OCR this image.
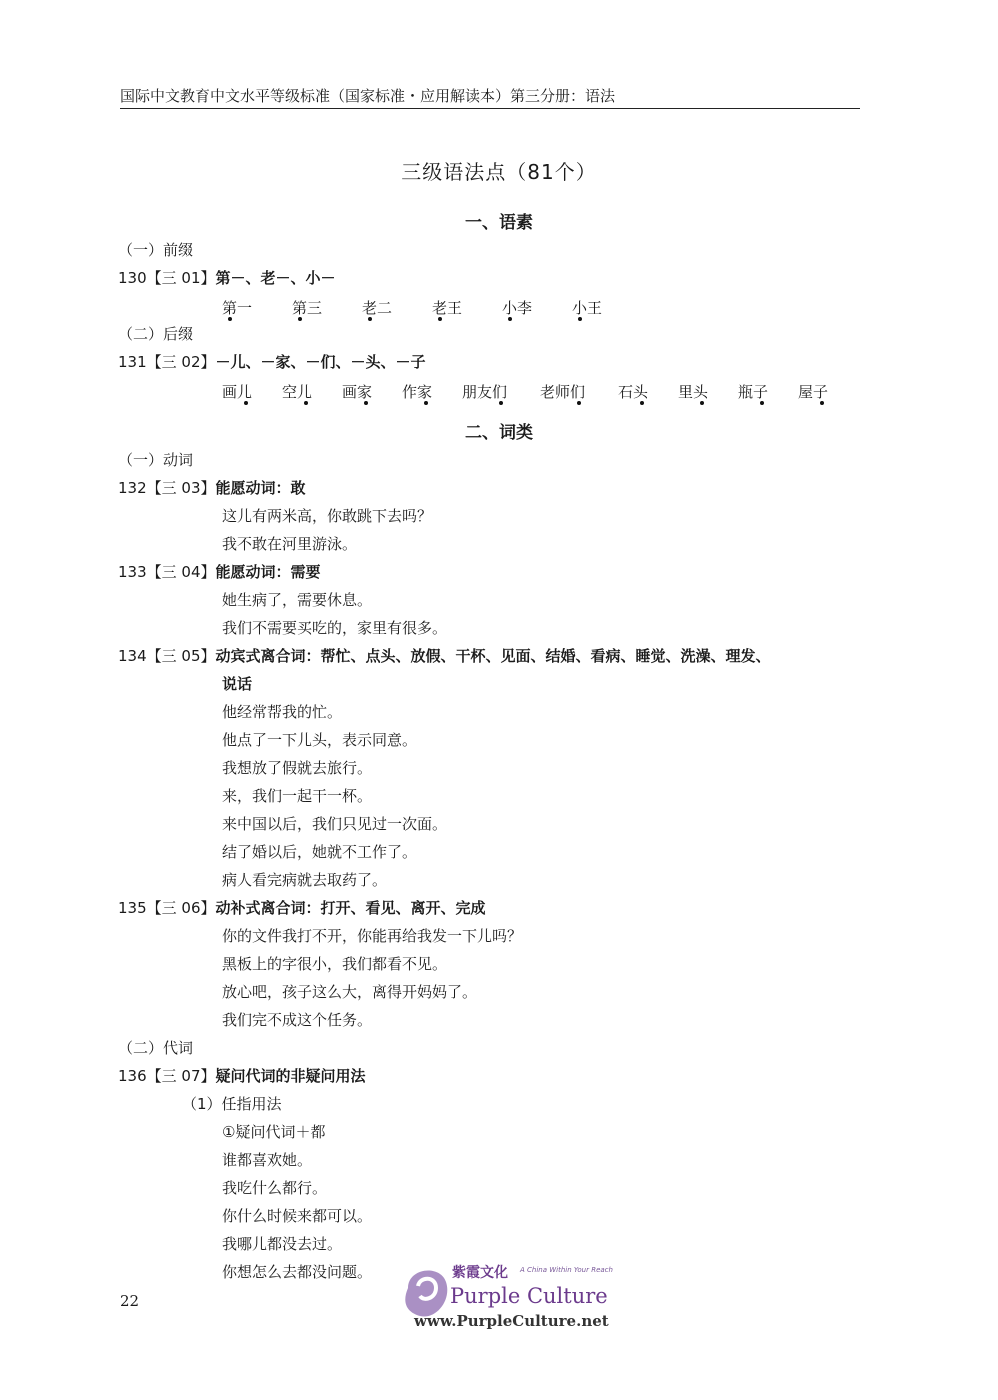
国际中文教育中文水平等级标准（国家标准・应用解读本）第三分册：语法
三级语法点（81个）
一、语素
（一）前缀
130【三 01】第－、老－、小－
第一	第三	老二	老王	小李	小王
（二）后缀
131【三 02】－儿、－家、－们、－头、－子
画儿 空儿 画家 作家 朋友们 老师们 石头 里头 瓶子 屋子
二、词类
（一）动词
132【三 03】能愿动词：敢
这儿有两米高，你敢跳下去吗？
我不敢在河里游泳。
133【三 04】能愿动词：需要
她生病了，需要休息。
我们不需要买吃的，家里有很多。
134【三 05】动宾式离合词：帮忙、点头、放假、干杯、见面、结婚、看病、睡觉、洗澡、理发、
说话
他经常帮我的忙。
他点了一下儿头，表示同意。
我想放了假就去旅行。
来，我们一起干一杯。
来中国以后，我们只见过一次面。
结了婚以后，她就不工作了。
病人看完病就去取药了。
135【三 06】动补式离合词：打开、看见、离开、完成
你的文件我打不开，你能再给我发一下儿吗？
黑板上的字很小，我们都看不见。
放心吧，孩子这么大，离得开妈妈了。
我们完不成这个任务。
（二）代词
136【三 07】疑问代词的非疑问用法
（1）任指用法
①疑问代词＋都
谁都喜欢她。
我吃什么都行。
你什么时候来都可以。
我哪儿都没去过。
你想怎么去都没问题。
22
紫霞文化 A China Within Your Reach
Purple Culture
www.PurpleCulture.net
